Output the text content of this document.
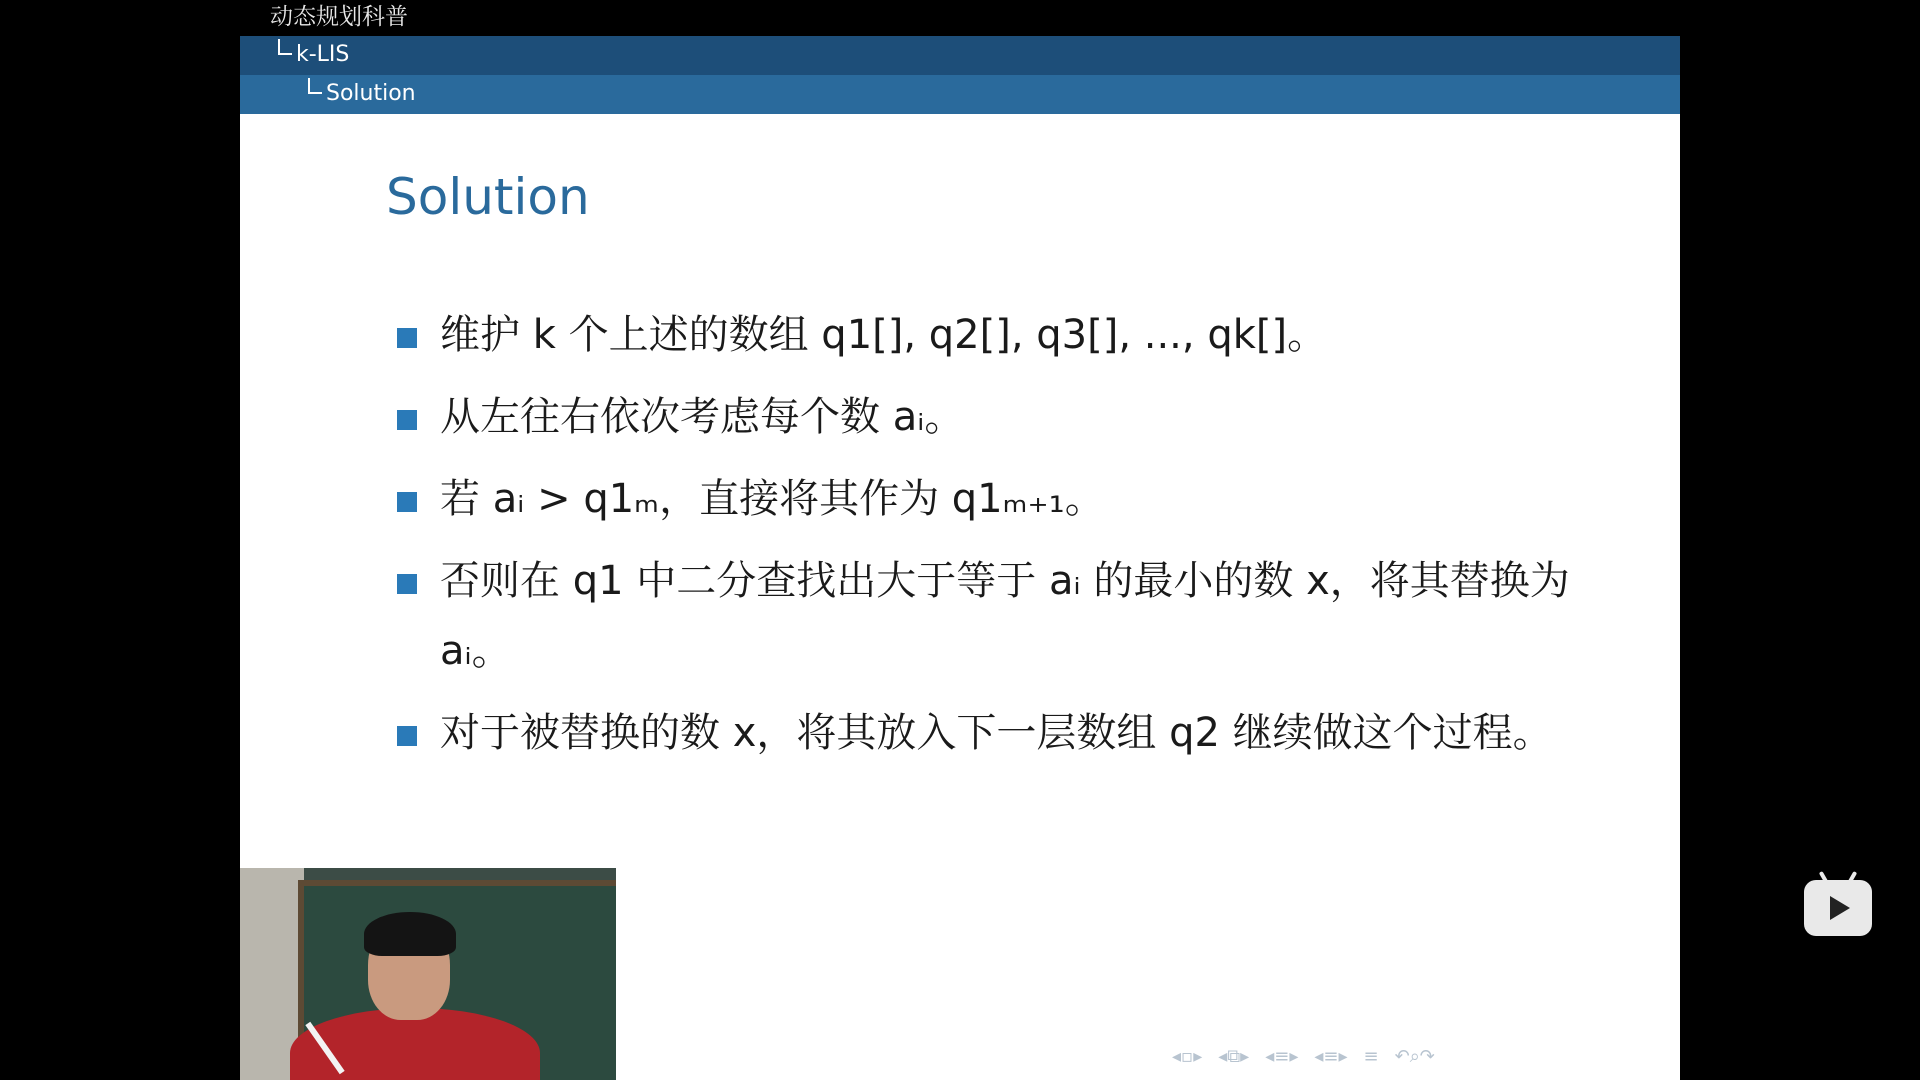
动态规划科普
k-LIS
Solution
Solution
维护 k 个上述的数组 q1[], q2[], q3[], ..., qk[]。
从左往右依次考虑每个数 aᵢ。
若 aᵢ > q1ₘ，直接将其作为 q1ₘ₊₁。
否则在 q1 中二分查找出大于等于 aᵢ 的最小的数 x，将其替换为 aᵢ。
对于被替换的数 x，将其放入下一层数组 q2 继续做这个过程。
◂▫▸ ◂⧉▸ ◂≡▸ ◂≡▸ ≡ ↶⌕↷
